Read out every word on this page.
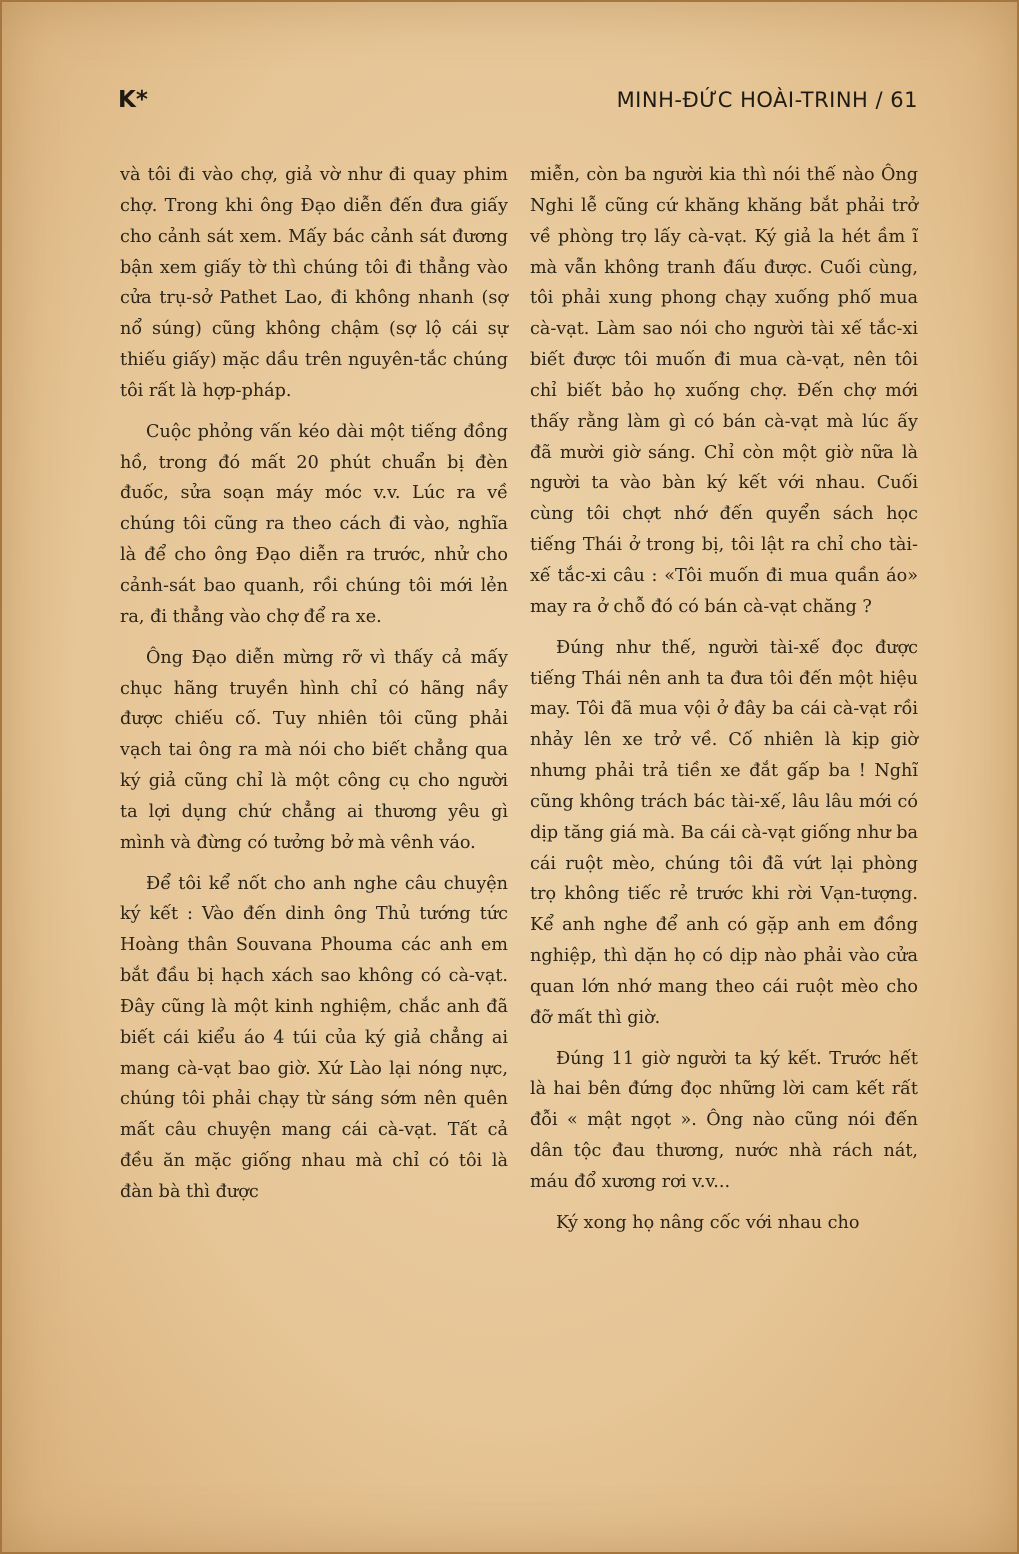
K*	MINH-ĐỨC HOÀI-TRINH / 61

và tôi đi vào chợ, giả vờ như đi quay phim chợ. Trong khi ông Đạo diễn đến đưa giấy cho cảnh sát xem. Mấy bác cảnh sát đương bận xem giấy tờ thì chúng tôi đi thẳng vào cửa trụ-sở Pathet Lao, đi không nhanh (sợ nổ súng) cũng không chậm (sợ lộ cái sự thiếu giấy) mặc dầu trên nguyên-tắc chúng tôi rất là hợp-pháp.

Cuộc phỏng vấn kéo dài một tiếng đồng hồ, trong đó mất 20 phút chuẩn bị đèn đuốc, sửa soạn máy móc v.v. Lúc ra về chúng tôi cũng ra theo cách đi vào, nghĩa là để cho ông Đạo diễn ra trước, nhử cho cảnh-sát bao quanh, rồi chúng tôi mới lẻn ra, đi thẳng vào chợ để ra xe.

Ông Đạo diễn mừng rỡ vì thấy cả mấy chục hãng truyền hình chỉ có hãng nầy được chiếu cố. Tuy nhiên tôi cũng phải vạch tai ông ra mà nói cho biết chẳng qua ký giả cũng chỉ là một công cụ cho người ta lợi dụng chứ chẳng ai thương yêu gì mình và đừng có tưởng bở mà vênh váo.

Để tôi kể nốt cho anh nghe câu chuyện ký kết : Vào đến dinh ông Thủ tướng tức Hoàng thân Souvana Phouma các anh em bắt đầu bị hạch xách sao không có cà-vạt. Đây cũng là một kinh nghiệm, chắc anh đã biết cái kiểu áo 4 túi của ký giả chẳng ai mang cà-vạt bao giờ. Xứ Lào lại nóng nực, chúng tôi phải chạy từ sáng sớm nên quên mất câu chuyện mang cái cà-vạt. Tất cả đều ăn mặc giống nhau mà chỉ có tôi là đàn bà thì được

miễn, còn ba người kia thì nói thế nào Ông Nghi lễ cũng cứ khăng khăng bắt phải trở về phòng trọ lấy cà-vạt. Ký giả la hét ầm ĩ mà vẫn không tranh đấu được. Cuối cùng, tôi phải xung phong chạy xuống phố mua cà-vạt. Làm sao nói cho người tài xế tắc-xi biết được tôi muốn đi mua cà-vạt, nên tôi chỉ biết bảo họ xuống chợ. Đến chợ mới thấy rằng làm gì có bán cà-vạt mà lúc ấy đã mười giờ sáng. Chỉ còn một giờ nữa là người ta vào bàn ký kết với nhau. Cuối cùng tôi chợt nhớ đến quyển sách học tiếng Thái ở trong bị, tôi lật ra chỉ cho tài-xế tắc-xi câu : «Tôi muốn đi mua quần áo» may ra ở chỗ đó có bán cà-vạt chăng ?

Đúng như thế, người tài-xế đọc được tiếng Thái nên anh ta đưa tôi đến một hiệu may. Tôi đã mua vội ở đây ba cái cà-vạt rồi nhảy lên xe trở về. Cố nhiên là kịp giờ nhưng phải trả tiền xe đắt gấp ba ! Nghĩ cũng không trách bác tài-xế, lâu lâu mới có dịp tăng giá mà. Ba cái cà-vạt giống như ba cái ruột mèo, chúng tôi đã vứt lại phòng trọ không tiếc rẻ trước khi rời Vạn-tượng. Kể anh nghe để anh có gặp anh em đồng nghiệp, thì dặn họ có dịp nào phải vào cửa quan lớn nhớ mang theo cái ruột mèo cho đỡ mất thì giờ.

Đúng 11 giờ người ta ký kết. Trước hết là hai bên đứng đọc những lời cam kết rất đỗi « mật ngọt ». Ông nào cũng nói đến dân tộc đau thương, nước nhà rách nát, máu đổ xương rơi v.v...

Ký xong họ nâng cốc với nhau cho
